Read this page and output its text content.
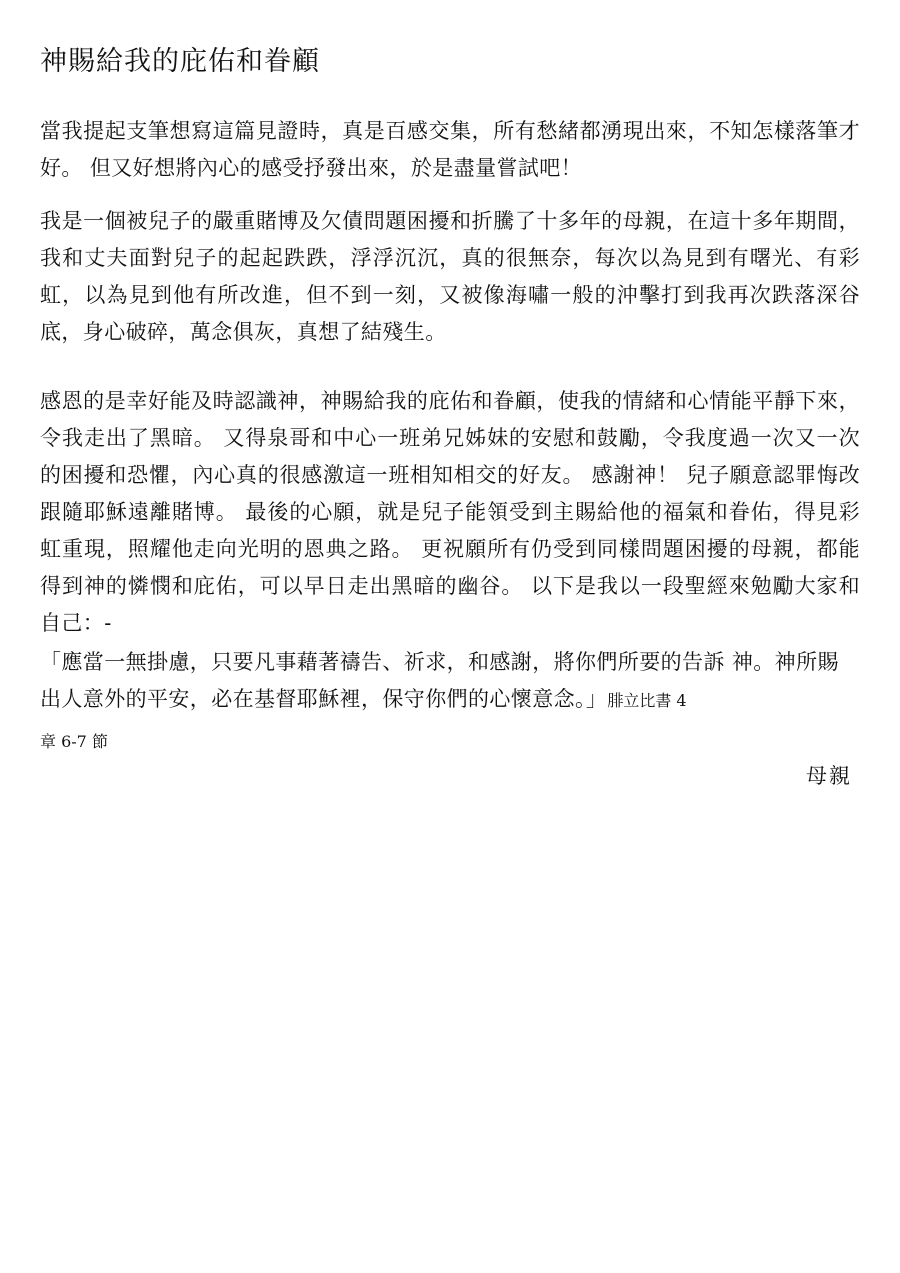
神賜給我的庇佑和眷顧

當我提起支筆想寫這篇見證時，真是百感交集，所有愁緒都湧現出來，不知怎樣落筆才好。 但又好想將內心的感受抒發出來，於是盡量嘗試吧！

我是一個被兒子的嚴重賭博及欠債問題困擾和折騰了十多年的母親，在這十多年期間，我和丈夫面對兒子的起起跌跌，浮浮沉沉，真的很無奈，每次以為見到有曙光、有彩虹，以為見到他有所改進，但不到一刻，又被像海嘯一般的沖擊打到我再次跌落深谷底，身心破碎，萬念俱灰，真想了結殘生。

感恩的是幸好能及時認識神，神賜給我的庇佑和眷顧，使我的情緒和心情能平靜下來，令我走出了黑暗。 又得泉哥和中心一班弟兄姊妹的安慰和鼓勵，令我度過一次又一次的困擾和恐懼，內心真的很感激這一班相知相交的好友。 感謝神！ 兒子願意認罪悔改跟隨耶穌遠離賭博。 最後的心願，就是兒子能領受到主賜給他的福氣和眷佑，得見彩虹重現，照耀他走向光明的恩典之路。 更祝願所有仍受到同樣問題困擾的母親，都能得到神的憐憫和庇佑，可以早日走出黑暗的幽谷。 以下是我以一段聖經來勉勵大家和自己：-

「應當一無掛慮，只要凡事藉著禱告、祈求，和感謝，將你們所要的告訴 神。神所賜出人意外的平安，必在基督耶穌裡，保守你們的心懷意念。」腓立比書 4

章 6-7 節

母親
